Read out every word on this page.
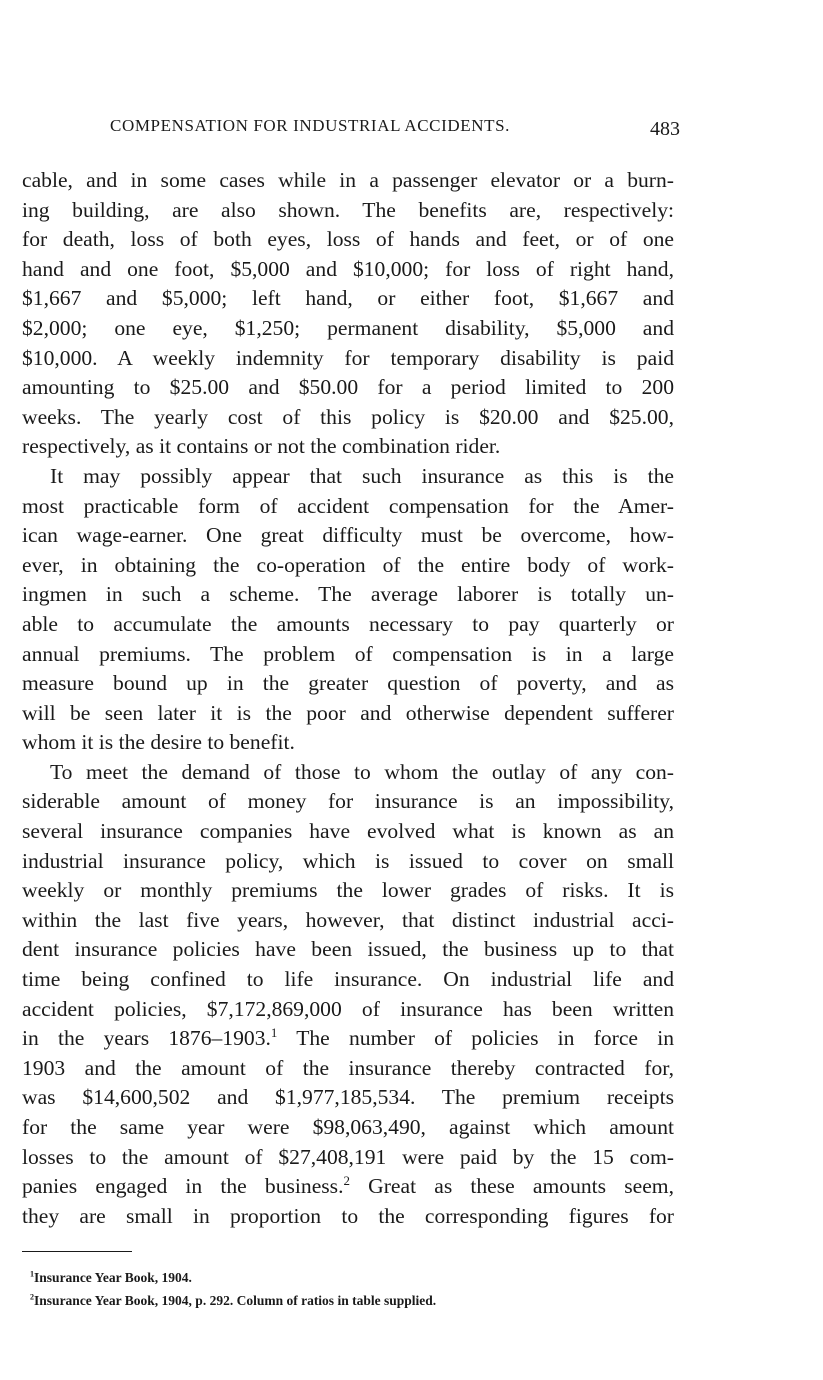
COMPENSATION FOR INDUSTRIAL ACCIDENTS.	483
cable, and in some cases while in a passenger elevator or a burn-
ing building, are also shown. The benefits are, respectively:
for death, loss of both eyes, loss of hands and feet, or of one
hand and one foot, $5,000 and $10,000; for loss of right hand,
$1,667 and $5,000; left hand, or either foot, $1,667 and
$2,000; one eye, $1,250; permanent disability, $5,000 and
$10,000. A weekly indemnity for temporary disability is paid
amounting to $25.00 and $50.00 for a period limited to 200
weeks. The yearly cost of this policy is $20.00 and $25.00,
respectively, as it contains or not the combination rider.
It may possibly appear that such insurance as this is the
most practicable form of accident compensation for the Amer-
ican wage-earner. One great difficulty must be overcome, how-
ever, in obtaining the co-operation of the entire body of work-
ingmen in such a scheme. The average laborer is totally un-
able to accumulate the amounts necessary to pay quarterly or
annual premiums. The problem of compensation is in a large
measure bound up in the greater question of poverty, and as
will be seen later it is the poor and otherwise dependent sufferer
whom it is the desire to benefit.
To meet the demand of those to whom the outlay of any con-
siderable amount of money for insurance is an impossibility,
several insurance companies have evolved what is known as an
industrial insurance policy, which is issued to cover on small
weekly or monthly premiums the lower grades of risks. It is
within the last five years, however, that distinct industrial acci-
dent insurance policies have been issued, the business up to that
time being confined to life insurance. On industrial life and
accident policies, $7,172,869,000 of insurance has been written
in the years 1876–1903.$^1$ The number of policies in force in
1903 and the amount of the insurance thereby contracted for,
was $14,600,502 and $1,977,185,534. The premium receipts
for the same year were $98,063,490, against which amount
losses to the amount of $27,408,191 were paid by the 15 com-
panies engaged in the business.$^2$ Great as these amounts seem,
they are small in proportion to the corresponding figures for
$^1$Insurance Year Book, 1904.
$^2$Insurance Year Book, 1904, p. 292. Column of ratios in table supplied.
